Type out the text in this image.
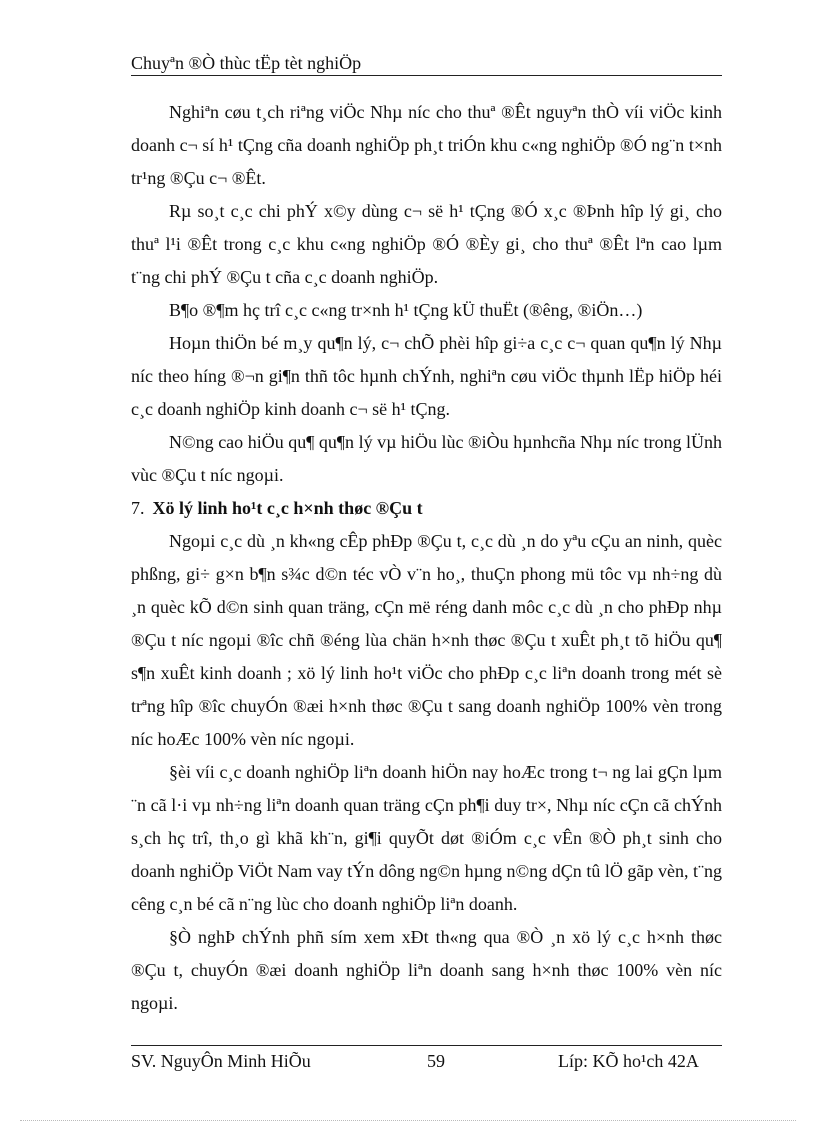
Chuyªn ®Ò thùc tËp tèt nghiÖp

Nghiªn cøu t¸ch riªng viÖc Nhµ níc cho thuª ®Êt nguyªn thÒ víi viÖc kinh doanh c¬ sí h¹ tÇng cña doanh nghiÖp ph¸t triÓn khu c«ng nghiÖp ®Ó ng¨n t×nh tr¹ng ®Çu c¬ ®Êt.

Rµ so¸t c¸c chi phÝ x©y dùng c¬ së h¹ tÇng ®Ó x¸c ®Þnh hîp lý gi¸ cho thuª l¹i ®Êt trong c¸c khu c«ng nghiÖp ®Ó ®Èy gi¸ cho thuª ®Êt lªn cao lµm t¨ng chi phÝ ®Çu t cña c¸c doanh nghiÖp.

B¶o ®¶m hç trî c¸c c«ng tr×nh h¹ tÇng kÜ thuËt (®êng, ®iÖn…)

Hoµn thiÖn bé m¸y qu¶n lý, c¬ chÕ phèi hîp gi÷a c¸c c¬ quan qu¶n lý Nhµ níc theo híng ®¬n gi¶n thñ tôc hµnh chÝnh, nghiªn cøu viÖc thµnh lËp hiÖp héi c¸c doanh nghiÖp kinh doanh c¬ së h¹ tÇng.

N©ng cao hiÖu qu¶ qu¶n lý vµ hiÖu lùc ®iÒu hµnhcña Nhµ níc trong lÜnh vùc ®Çu t níc ngoµi.

7. Xö lý linh ho¹t c¸c h×nh thøc ®Çu t

Ngoµi c¸c dù ¸n kh«ng cÊp phÐp ®Çu t, c¸c dù ¸n do yªu cÇu an ninh, quèc phßng, gi÷ g×n b¶n s¾c d©n téc vÒ v¨n ho¸, thuÇn phong mü tôc vµ nh÷ng dù ¸n quèc kÕ d©n sinh quan träng, cÇn më réng danh môc c¸c dù ¸n cho phÐp nhµ ®Çu t níc ngoµi ®îc chñ ®éng lùa chän h×nh thøc ®Çu t xuÊt ph¸t tõ hiÖu qu¶ s¶n xuÊt kinh doanh ; xö lý linh ho¹t viÖc cho phÐp c¸c liªn doanh trong mét sè trªng hîp ®îc chuyÓn ®æi h×nh thøc ®Çu t sang doanh nghiÖp 100% vèn trong níc hoÆc 100% vèn níc ngoµi.

§èi víi c¸c doanh nghiÖp liªn doanh hiÖn nay hoÆc trong t¬ ng lai gÇn lµm ¨n cã l·i vµ nh÷ng liªn doanh quan träng cÇn ph¶i duy tr×, Nhµ níc cÇn cã chÝnh s¸ch hç trî, th¸o gì khã kh¨n, gi¶i quyÕt døt ®iÓm c¸c vÊn ®Ò ph¸t sinh cho doanh nghiÖp ViÖt Nam vay tÝn dông ng©n hµng n©ng dÇn tû lÖ gãp vèn, t¨ng cêng c¸n bé cã n¨ng lùc cho doanh nghiÖp liªn doanh.

§Ò nghÞ chÝnh phñ sím xem xÐt th«ng qua ®Ò ¸n xö lý c¸c h×nh thøc ®Çu t, chuyÓn ®æi doanh nghiÖp liªn doanh sang h×nh thøc 100% vèn níc ngoµi.

SV. NguyÔn Minh HiÕu	59	Líp: KÕ ho¹ch 42A
